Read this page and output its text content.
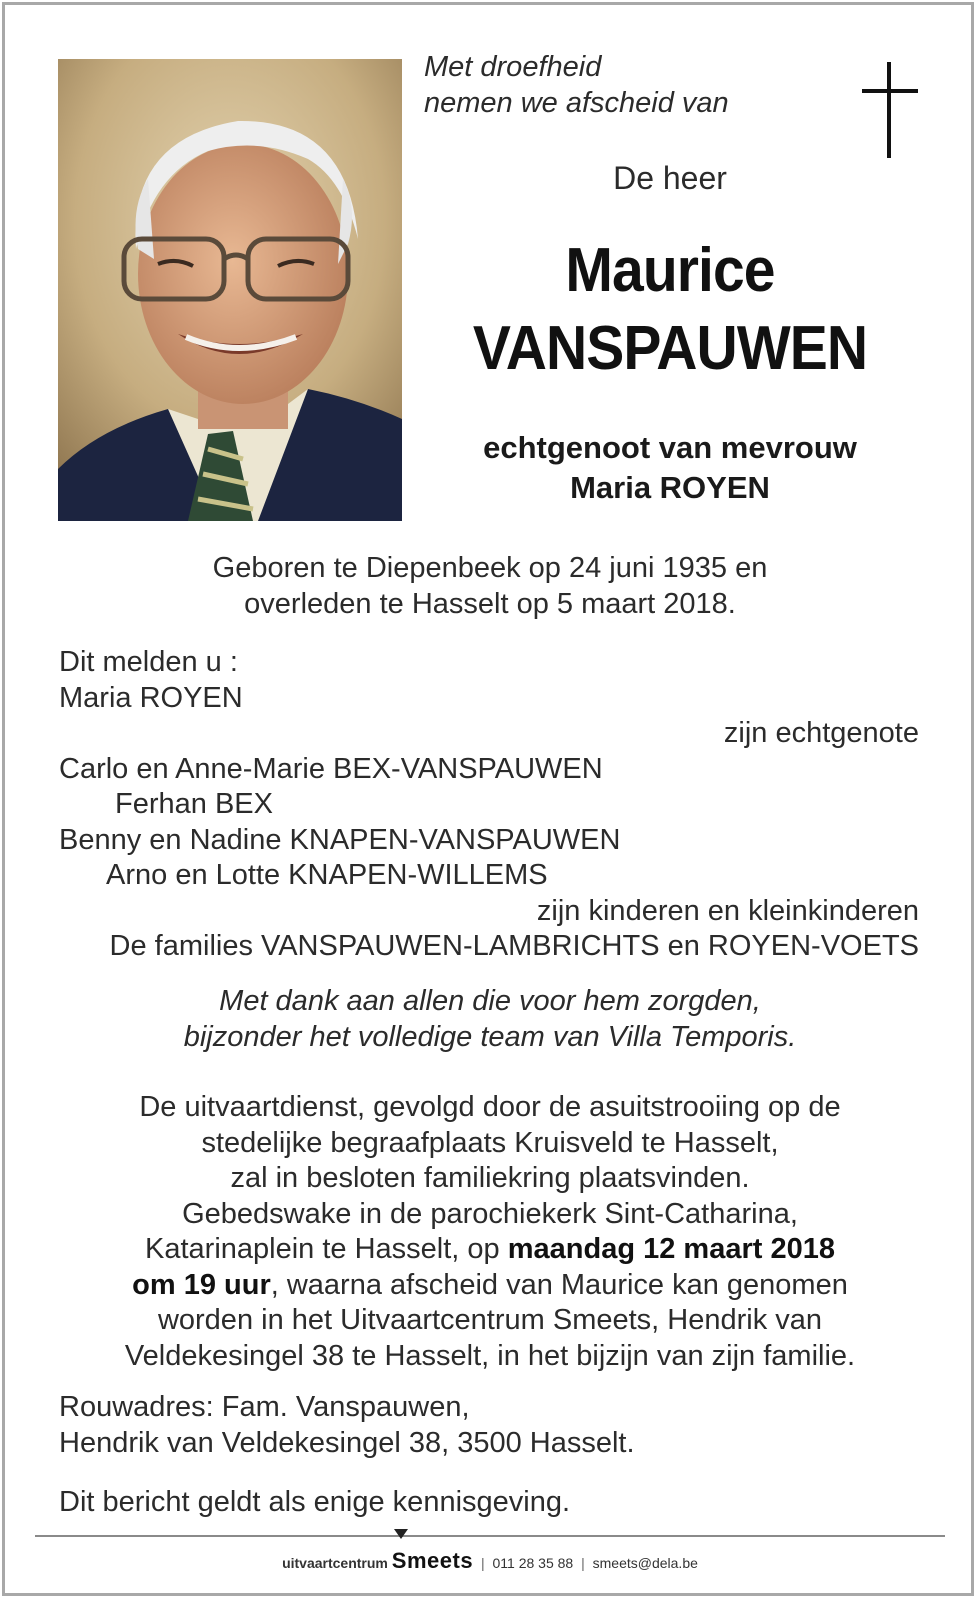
Met droefheid
nemen we afscheid van
De heer
Maurice
VANSPAUWEN
echtgenoot van mevrouw
Maria ROYEN
Geboren te Diepenbeek op 24 juni 1935 en
overleden te Hasselt op 5 maart 2018.
Dit melden u :
Maria ROYEN
zijn echtgenote
Carlo en Anne-Marie BEX-VANSPAUWEN
Ferhan BEX
Benny en Nadine KNAPEN-VANSPAUWEN
Arno en Lotte KNAPEN-WILLEMS
zijn kinderen en kleinkinderen
De families VANSPAUWEN-LAMBRICHTS en ROYEN-VOETS
Met dank aan allen die voor hem zorgden,
bijzonder het volledige team van Villa Temporis.
De uitvaartdienst, gevolgd door de asuitstrooiing op de
stedelijke begraafplaats Kruisveld te Hasselt,
zal in besloten familiekring plaatsvinden.
Gebedswake in de parochiekerk Sint-Catharina,
Katarinaplein te Hasselt, op maandag 12 maart 2018
om 19 uur, waarna afscheid van Maurice kan genomen
worden in het Uitvaartcentrum Smeets, Hendrik van
Veldekesingel 38 te Hasselt, in het bijzijn van zijn familie.
Rouwadres: Fam. Vanspauwen,
Hendrik van Veldekesingel 38, 3500 Hasselt.
Dit bericht geldt als enige kennisgeving.
uitvaartcentrum Smeets | 011 28 35 88 | smeets@dela.be
